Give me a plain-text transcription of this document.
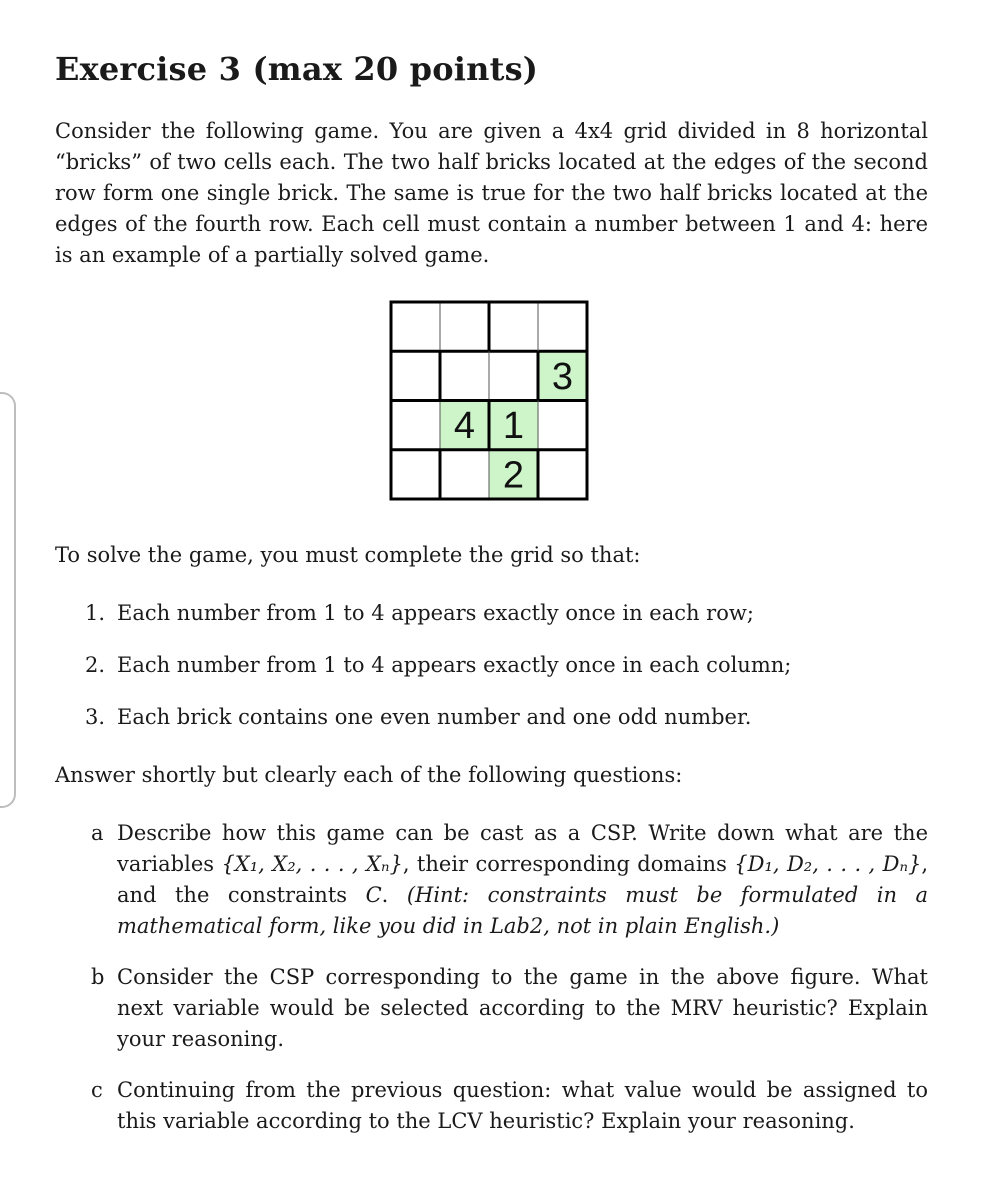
Exercise 3 (max 20 points)

Consider the following game. You are given a 4x4 grid divided in 8 horizontal “bricks” of two cells each. The two half bricks located at the edges of the second row form one single brick. The same is true for the two half bricks located at the edges of the fourth row. Each cell must contain a number between 1 and 4: here is an example of a partially solved game.

3
4 1
2

To solve the game, you must complete the grid so that:

1. Each number from 1 to 4 appears exactly once in each row;
2. Each number from 1 to 4 appears exactly once in each column;
3. Each brick contains one even number and one odd number.

Answer shortly but clearly each of the following questions:

a Describe how this game can be cast as a CSP. Write down what are the variables {X₁, X₂, . . . , Xₙ}, their corresponding domains {D₁, D₂, . . . , Dₙ}, and the constraints C. (Hint: constraints must be formulated in a mathematical form, like you did in Lab2, not in plain English.)
b Consider the CSP corresponding to the game in the above figure. What next variable would be selected according to the MRV heuristic? Explain your reasoning.
c Continuing from the previous question: what value would be assigned to this variable according to the LCV heuristic? Explain your reasoning.
